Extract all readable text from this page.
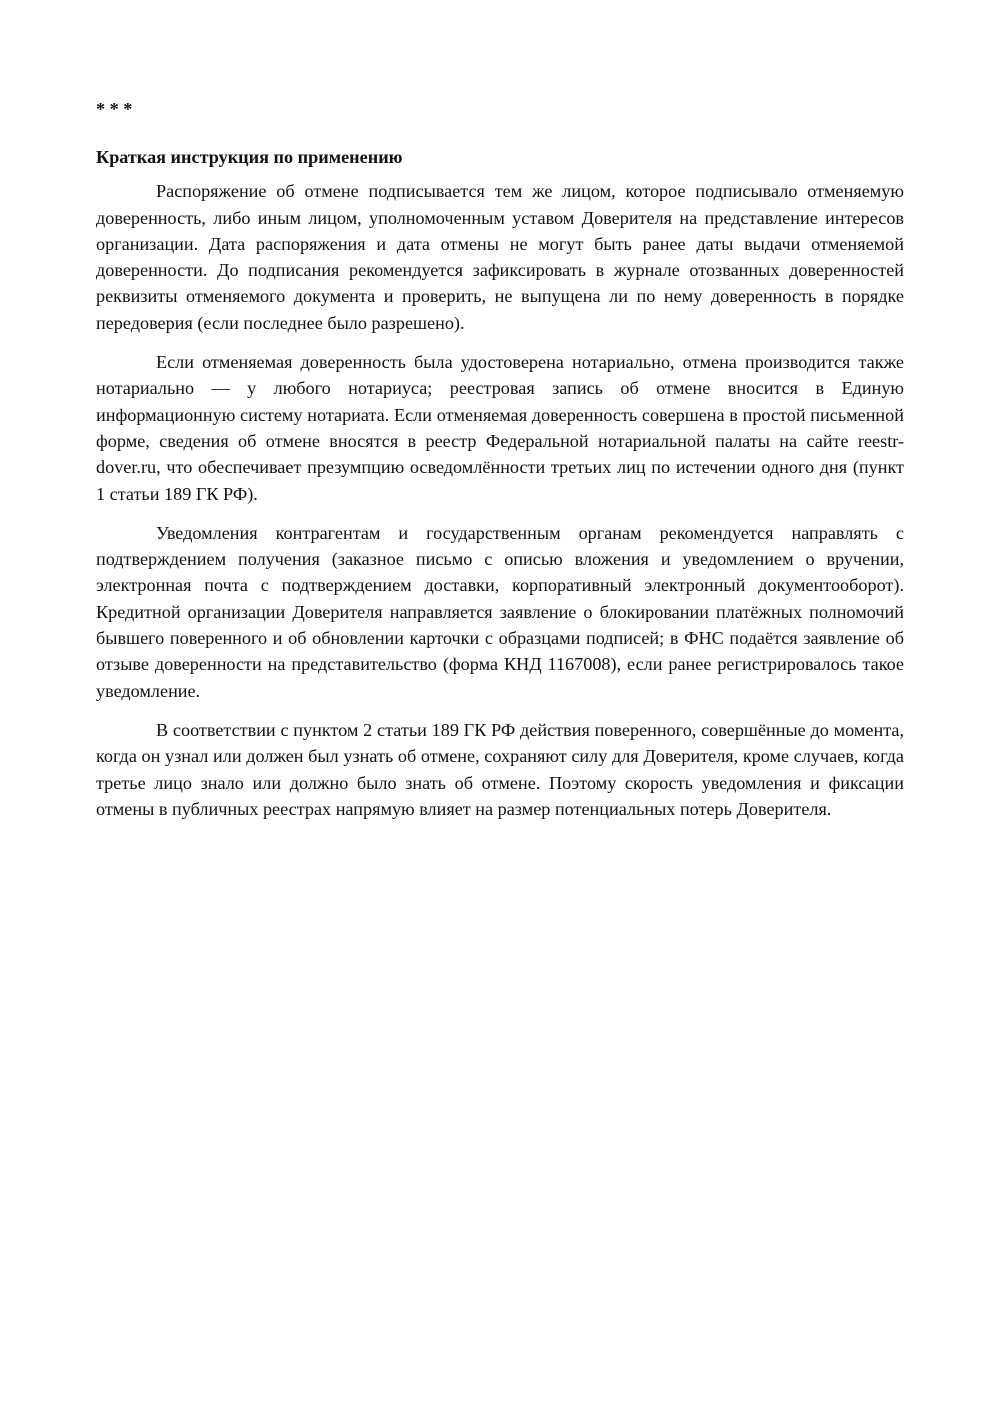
* * *

Краткая инструкция по применению

Распоряжение об отмене подписывается тем же лицом, которое подписывало отменяемую доверенность, либо иным лицом, уполномоченным уставом Доверителя на представление интересов организации. Дата распоряжения и дата отмены не могут быть ранее даты выдачи отменяемой доверенности. До подписания рекомендуется зафиксировать в журнале отозванных доверенностей реквизиты отменяемого документа и проверить, не выпущена ли по нему доверенность в порядке передоверия (если последнее было разрешено).

Если отменяемая доверенность была удостоверена нотариально, отмена производится также нотариально — у любого нотариуса; реестровая запись об отмене вносится в Единую информационную систему нотариата. Если отменяемая доверенность совершена в простой письменной форме, сведения об отмене вносятся в реестр Федеральной нотариальной палаты на сайте reestr-dover.ru, что обеспечивает презумпцию осведомлённости третьих лиц по истечении одного дня (пункт 1 статьи 189 ГК РФ).

Уведомления контрагентам и государственным органам рекомендуется направлять с подтверждением получения (заказное письмо с описью вложения и уведомлением о вручении, электронная почта с подтверждением доставки, корпоративный электронный документооборот). Кредитной организации Доверителя направляется заявление о блокировании платёжных полномочий бывшего поверенного и об обновлении карточки с образцами подписей; в ФНС подаётся заявление об отзыве доверенности на представительство (форма КНД 1167008), если ранее регистрировалось такое уведомление.

В соответствии с пунктом 2 статьи 189 ГК РФ действия поверенного, совершённые до момента, когда он узнал или должен был узнать об отмене, сохраняют силу для Доверителя, кроме случаев, когда третье лицо знало или должно было знать об отмене. Поэтому скорость уведомления и фиксации отмены в публичных реестрах напрямую влияет на размер потенциальных потерь Доверителя.
